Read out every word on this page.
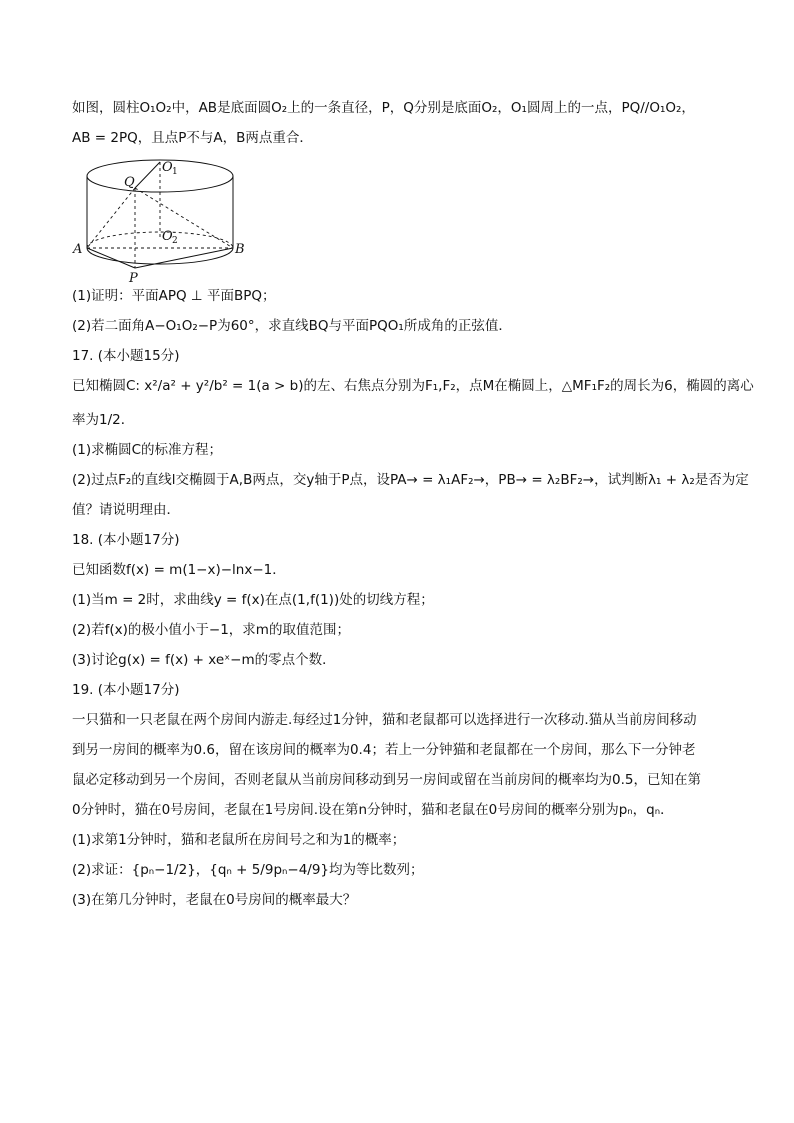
如图，圆柱O₁O₂中，AB是底面圆O₂上的一条直径，P，Q分别是底面O₂，O₁圆周上的一点，PQ//O₁O₂，

AB = 2PQ，且点P不与A，B两点重合．

A	B
P
Q
O 1
O 2

(1)证明：平面APQ ⊥ 平面BPQ；

(2)若二面角A−O₁O₂−P为60°，求直线BQ与平面PQO₁所成角的正弦值．

17. (本小题15分)

已知椭圆C: x²/a² + y²/b² = 1(a > b)的左、右焦点分别为F₁,F₂，点M在椭圆上，△MF₁F₂的周长为6，椭圆的离心

率为1/2．

(1)求椭圆C的标准方程；

(2)过点F₂的直线l交椭圆于A,B两点，交y轴于P点，设PA→ = λ₁AF₂→，PB→ = λ₂BF₂→，试判断λ₁ + λ₂是否为定

值？请说明理由．

18. (本小题17分)

已知函数f(x) = m(1−x)−lnx−1．

(1)当m = 2时，求曲线y = f(x)在点(1,f(1))处的切线方程；

(2)若f(x)的极小值小于−1，求m的取值范围；

(3)讨论g(x) = f(x) + xeˣ−m的零点个数．

19. (本小题17分)

一只猫和一只老鼠在两个房间内游走.每经过1分钟，猫和老鼠都可以选择进行一次移动.猫从当前房间移动

到另一房间的概率为0.6，留在该房间的概率为0.4；若上一分钟猫和老鼠都在一个房间，那么下一分钟老

鼠必定移动到另一个房间，否则老鼠从当前房间移动到另一房间或留在当前房间的概率均为0.5，已知在第

0分钟时，猫在0号房间，老鼠在1号房间.设在第n分钟时，猫和老鼠在0号房间的概率分别为pₙ，qₙ．

(1)求第1分钟时，猫和老鼠所在房间号之和为1的概率；

(2)求证：{pₙ−1/2}，{qₙ + 5/9pₙ−4/9}均为等比数列；

(3)在第几分钟时，老鼠在0号房间的概率最大？
